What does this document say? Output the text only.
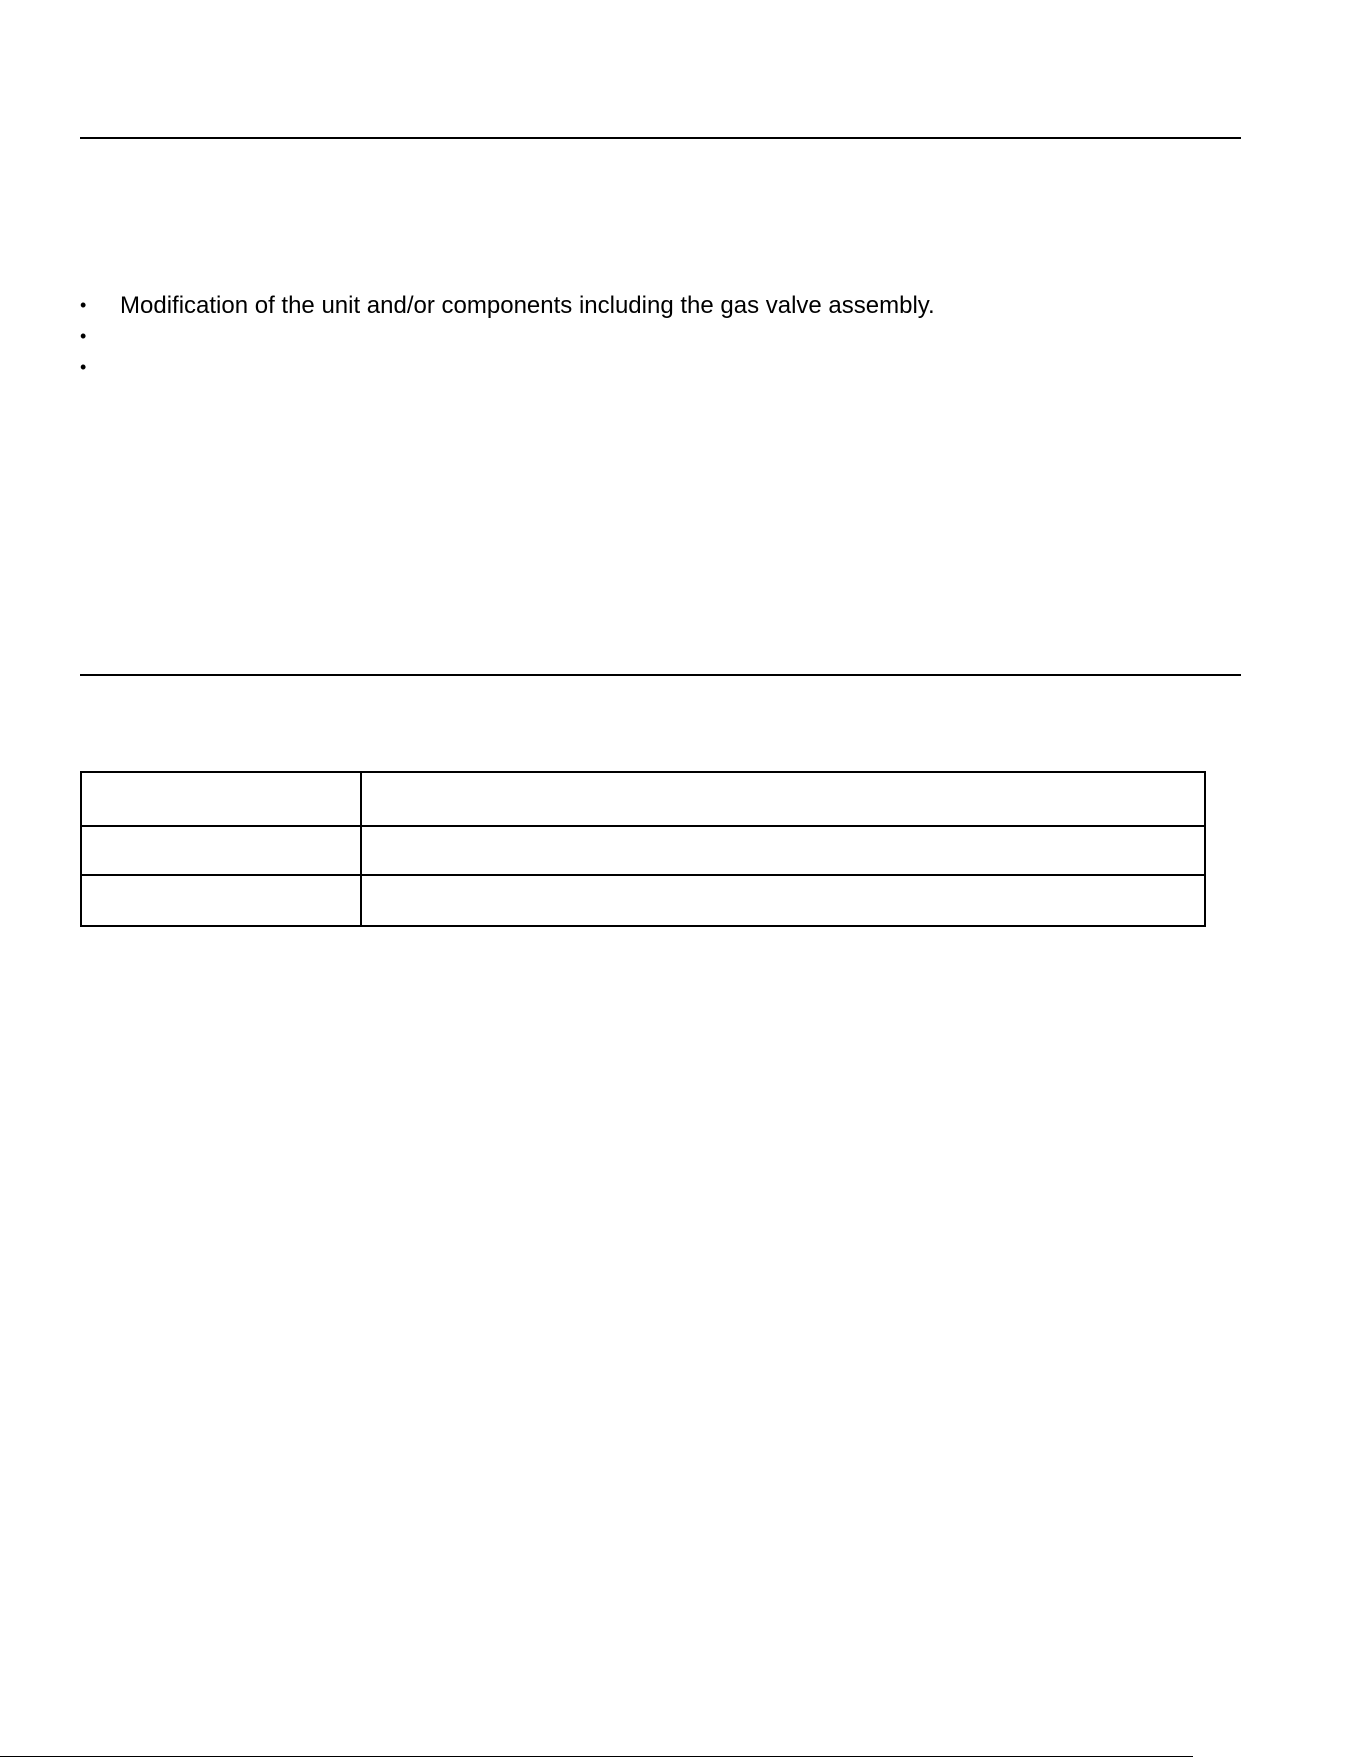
• Modification of the unit and/or components including the gas valve assembly.
•
•
